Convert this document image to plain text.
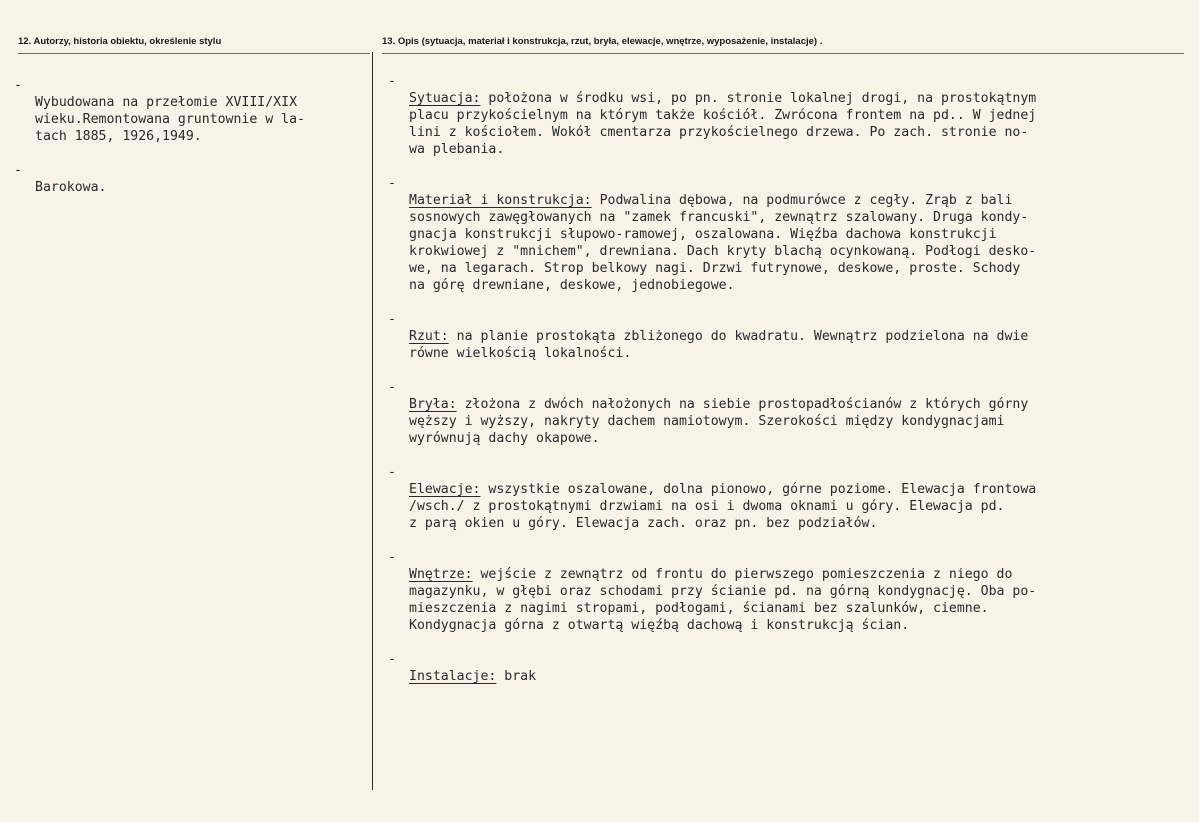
12. Autorzy, historia obiektu, określenie stylu	13. Opis (sytuacja, materiał i konstrukcja, rzut, bryła, elewacje, wnętrze, wyposażenie, instalacje) .

-
Wybudowana na przełomie XVIII/XIX
wieku.Remontowana gruntownie w la-
tach 1885, 1926,1949.

-
Barokowa.

-
Sytuacja: położona w środku wsi, po pn. stronie lokalnej drogi, na prostokątnym
placu przykościelnym na którym także kościół. Zwrócona frontem na pd.. W jednej
lini z kościołem. Wokół cmentarza przykościelnego drzewa. Po zach. stronie no-
wa plebania.

-
Materiał i konstrukcja: Podwalina dębowa, na podmurówce z cegły. Zrąb z bali
sosnowych zawęgłowanych na "zamek francuski", zewnątrz szalowany. Druga kondy-
gnacja konstrukcji słupowo-ramowej, oszalowana. Więźba dachowa konstrukcji
krokwiowej z "mnichem", drewniana. Dach kryty blachą ocynkowaną. Podłogi desko-
we, na legarach. Strop belkowy nagi. Drzwi futrynowe, deskowe, proste. Schody
na górę drewniane, deskowe, jednobiegowe.

-
Rzut: na planie prostokąta zbliżonego do kwadratu. Wewnątrz podzielona na dwie
równe wielkością lokalności.

-
Bryła: złożona z dwóch nałożonych na siebie prostopadłościanów z których górny
węższy i wyższy, nakryty dachem namiotowym. Szerokości między kondygnacjami
wyrównują dachy okapowe.

-
Elewacje: wszystkie oszalowane, dolna pionowo, górne poziome. Elewacja frontowa
/wsch./ z prostokątnymi drzwiami na osi i dwoma oknami u góry. Elewacja pd.
z parą okien u góry. Elewacja zach. oraz pn. bez podziałów.

-
Wnętrze: wejście z zewnątrz od frontu do pierwszego pomieszczenia z niego do
magazynku, w głębi oraz schodami przy ścianie pd. na górną kondygnację. Oba po-
mieszczenia z nagimi stropami, podłogami, ścianami bez szalunków, ciemne.
Kondygnacja górna z otwartą więźbą dachową i konstrukcją ścian.

-
Instalacje: brak
